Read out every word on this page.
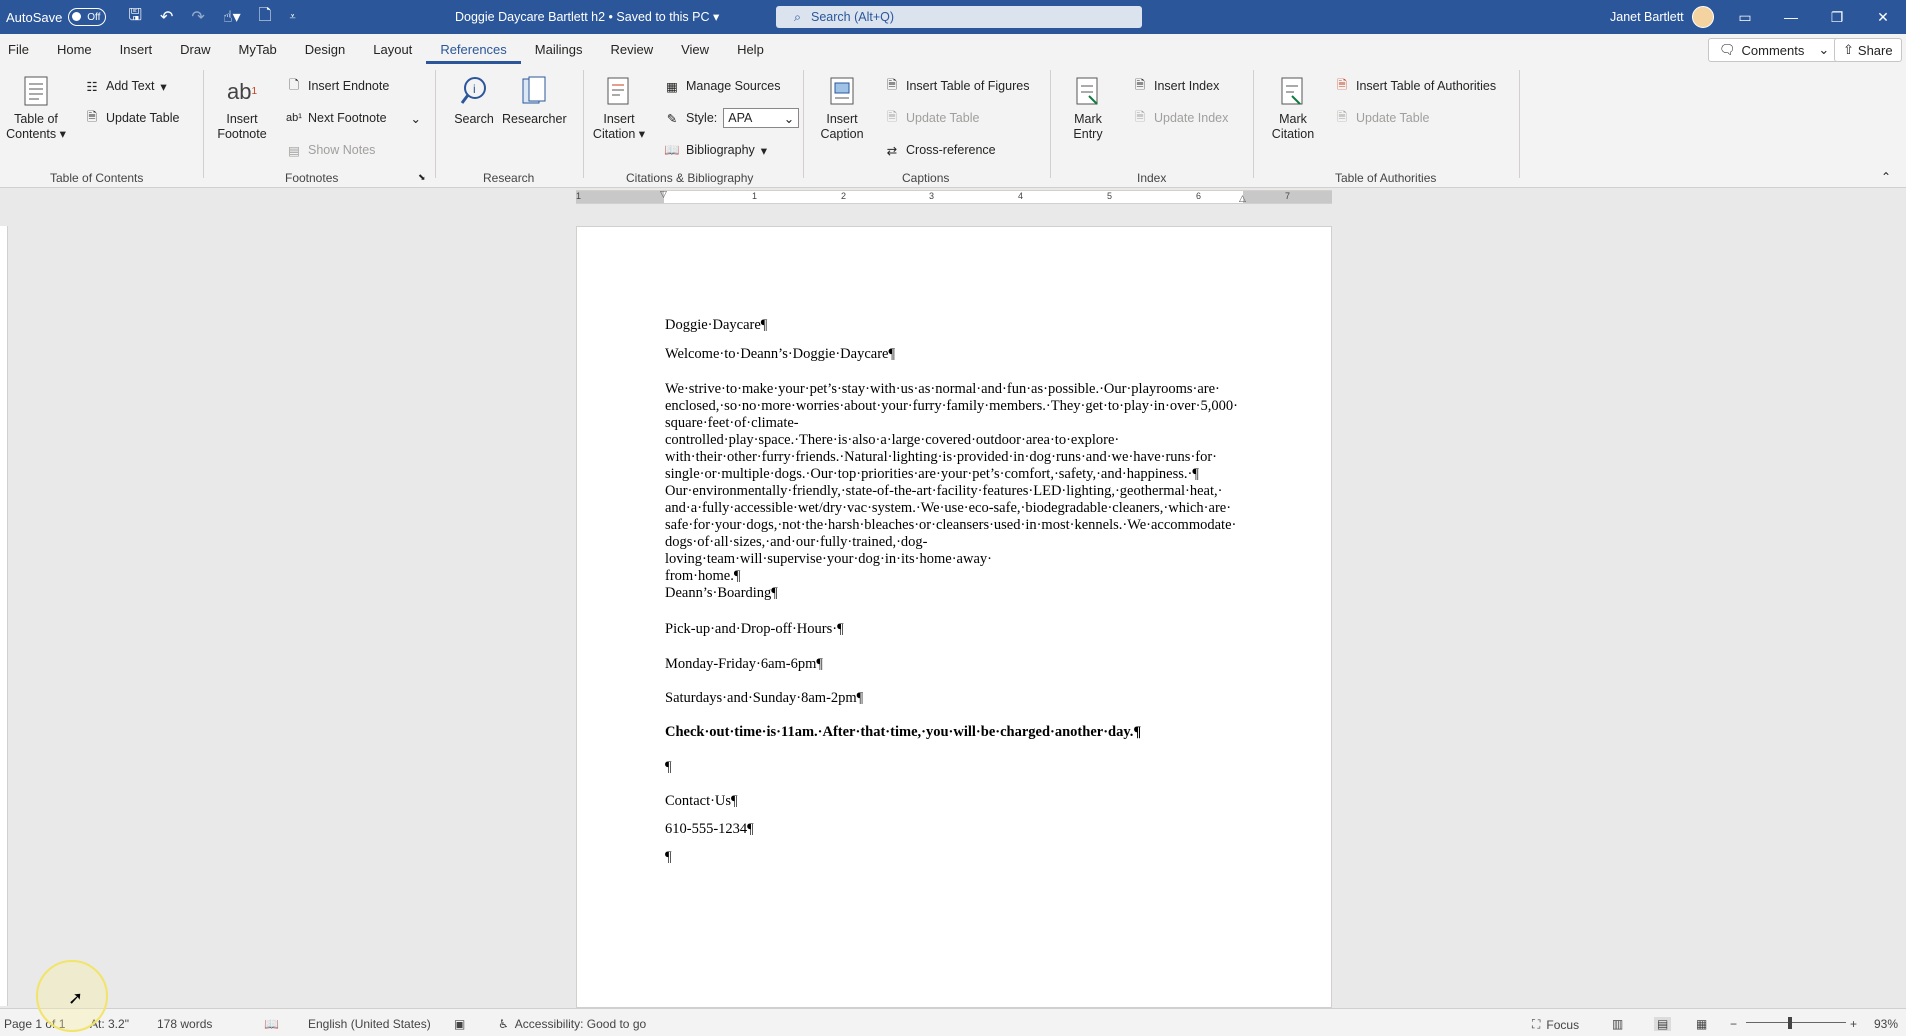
AutoSave Off 🖫 ↶ ↷ ☝▾ 🗋 ⩡	Doggie Daycare Bartlett h2 • Saved to this PC ▾	⌕ Search (Alt+Q)	Janet Bartlett	▭	—	❐	✕
File	Home	Insert	Draw	MyTab	Design	Layout	References	Mailings	Review	View	Help	🗨 Comments ⌄ ⇧ Share
Table of Contents ▾
☷ Add Text ▾
🗎 Update Table
Table of Contents
ab 1
Insert Footnote
🗋 Insert Endnote
ab¹ Next Footnote ⌄
▤ Show Notes
Footnotes	⬊
i
Search Researcher
Research
Insert Citation ▾
▦ Manage Sources
✎ Style: APA	⌄
📖 Bibliography ▾
Citations & Bibliography
Insert Caption
🗎 Insert Table of Figures
🗎 Update Table
⇄ Cross-reference
Captions
Mark Entry
🗎 Insert Index
🗎 Update Index
Index
Mark Citation
🗎 Insert Table of Authorities
🗎 Update Table
Table of Authorities	⌃
1	1	2	3	4	5	6	7
▽	△
Doggie·Daycare¶
Welcome·to·Deann’s·Doggie·Daycare¶
We·strive·to·make·your·pet’s·stay·with·us·as·normal·and·fun·as·possible.·Our·playrooms·are·
enclosed,·so·no·more·worries·about·your·furry·family·members.·They·get·to·play·in·over·5,000·
square·feet·of·climate-controlled·play·space.·There·is·also·a·large·covered·outdoor·area·to·explore·
with·their·other·furry·friends.·Natural·lighting·is·provided·in·dog·runs·and·we·have·runs·for·
single·or·multiple·dogs.·Our·top·priorities·are·your·pet’s·comfort,·safety,·and·happiness.·¶
Our·environmentally·friendly,·state-of-the-art·facility·features·LED·lighting,·geothermal·heat,·
and·a·fully·accessible·wet/dry·vac·system.·We·use·eco-safe,·biodegradable·cleaners,·which·are·
safe·for·your·dogs,·not·the·harsh·bleaches·or·cleansers·used·in·most·kennels.·We·accommodate·
dogs·of·all·sizes,·and·our·fully·trained,·dog-loving·team·will·supervise·your·dog·in·its·home·away·
from·home.¶
Deann’s·Boarding¶
Pick-up·and·Drop-off·Hours·¶
Monday-Friday·6am-6pm¶
Saturdays·and·Sunday·8am-2pm¶
Check·out·time·is·11am.·After·that·time,·you·will·be·charged·another·day.¶
¶
Contact·Us¶
610-555-1234¶
¶
Page 1 of 1 At: 3.2" 178 words	📖 English (United States) ▣	♿ Accessibility: Good to go	⛶ Focus	▥	▤ ▦ −	+ 93%
➚
